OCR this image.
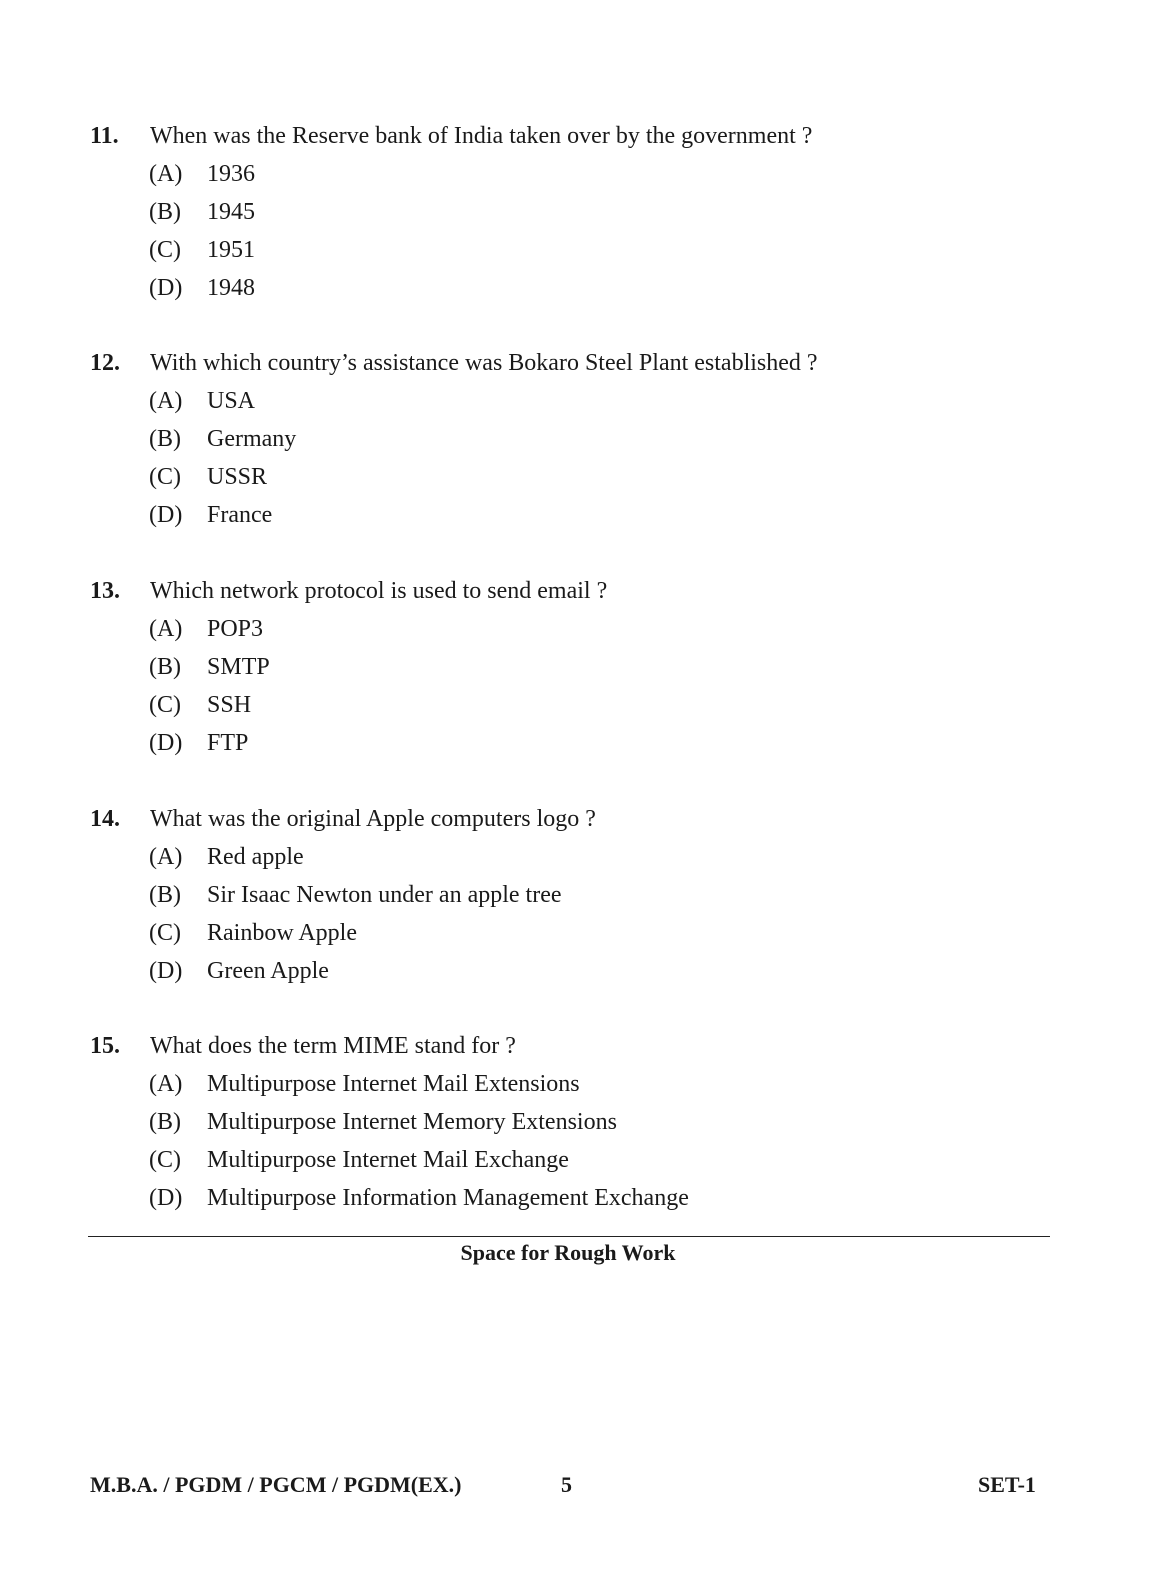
11. When was the Reserve bank of India taken over by the government ?
(A) 1936
(B) 1945
(C) 1951
(D) 1948
12. With which country’s assistance was Bokaro Steel Plant established ?
(A) USA
(B) Germany
(C) USSR
(D) France
13. Which network protocol is used to send email ?
(A) POP3
(B) SMTP
(C) SSH
(D) FTP
14. What was the original Apple computers logo ?
(A) Red apple
(B) Sir Isaac Newton under an apple tree
(C) Rainbow Apple
(D) Green Apple
15. What does the term MIME stand for ?
(A) Multipurpose Internet Mail Extensions
(B) Multipurpose Internet Memory Extensions
(C) Multipurpose Internet Mail Exchange
(D) Multipurpose Information Management Exchange
Space for Rough Work
M.B.A. / PGDM / PGCM / PGDM(EX.)	5	SET-1
